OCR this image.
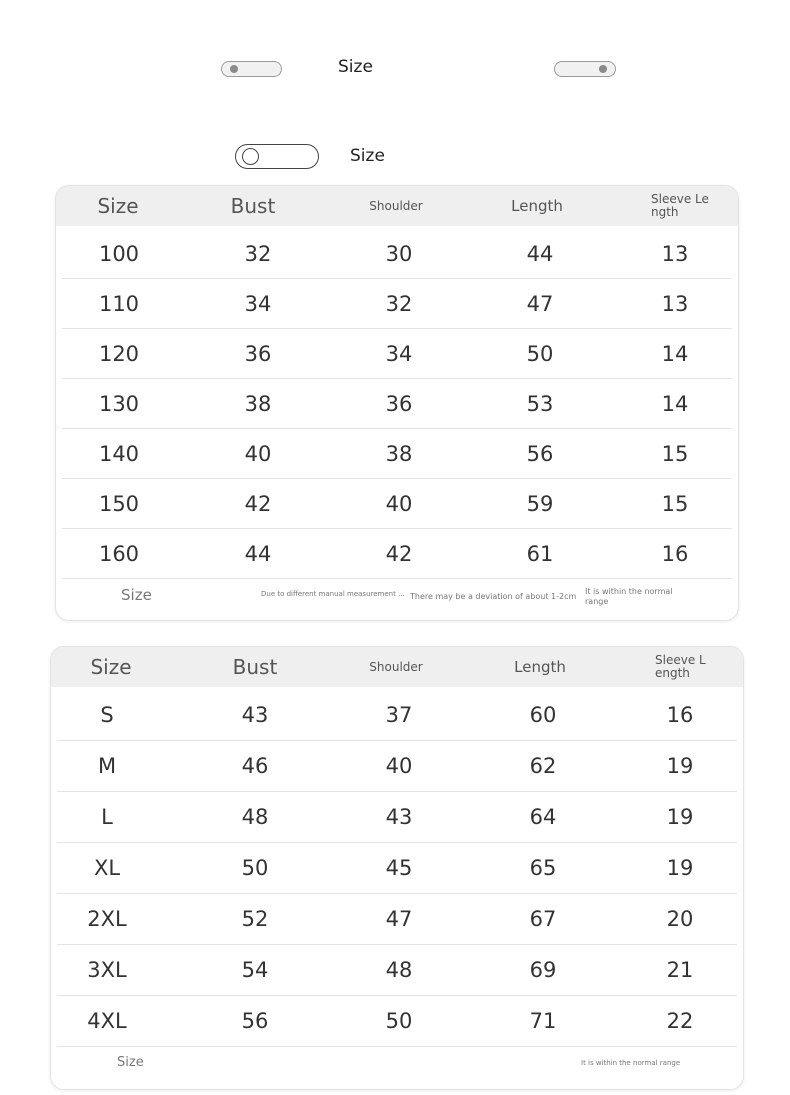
Size
Size
Size	Bust	Shoulder	Length	Sleeve Le ngth
100	32	30	44	13
110	34	32	47	13
120	36	34	50	14
130	38	36	53	14
140	40	38	56	15
150	42	40	59	15
160	44	42	61	16
Size	Due to different manual measurement ... There may be a deviation of about 1-2cm
It is within the normal range
Size	Bust	Shoulder	Length	Sleeve L ength
S	43	37	60	16
M	46	40	62	19
L	48	43	64	19
XL	50	45	65	19
2XL	52	47	67	20
3XL	54	48	69	21
4XL	56	50	71	22
Size	It is within the normal range
